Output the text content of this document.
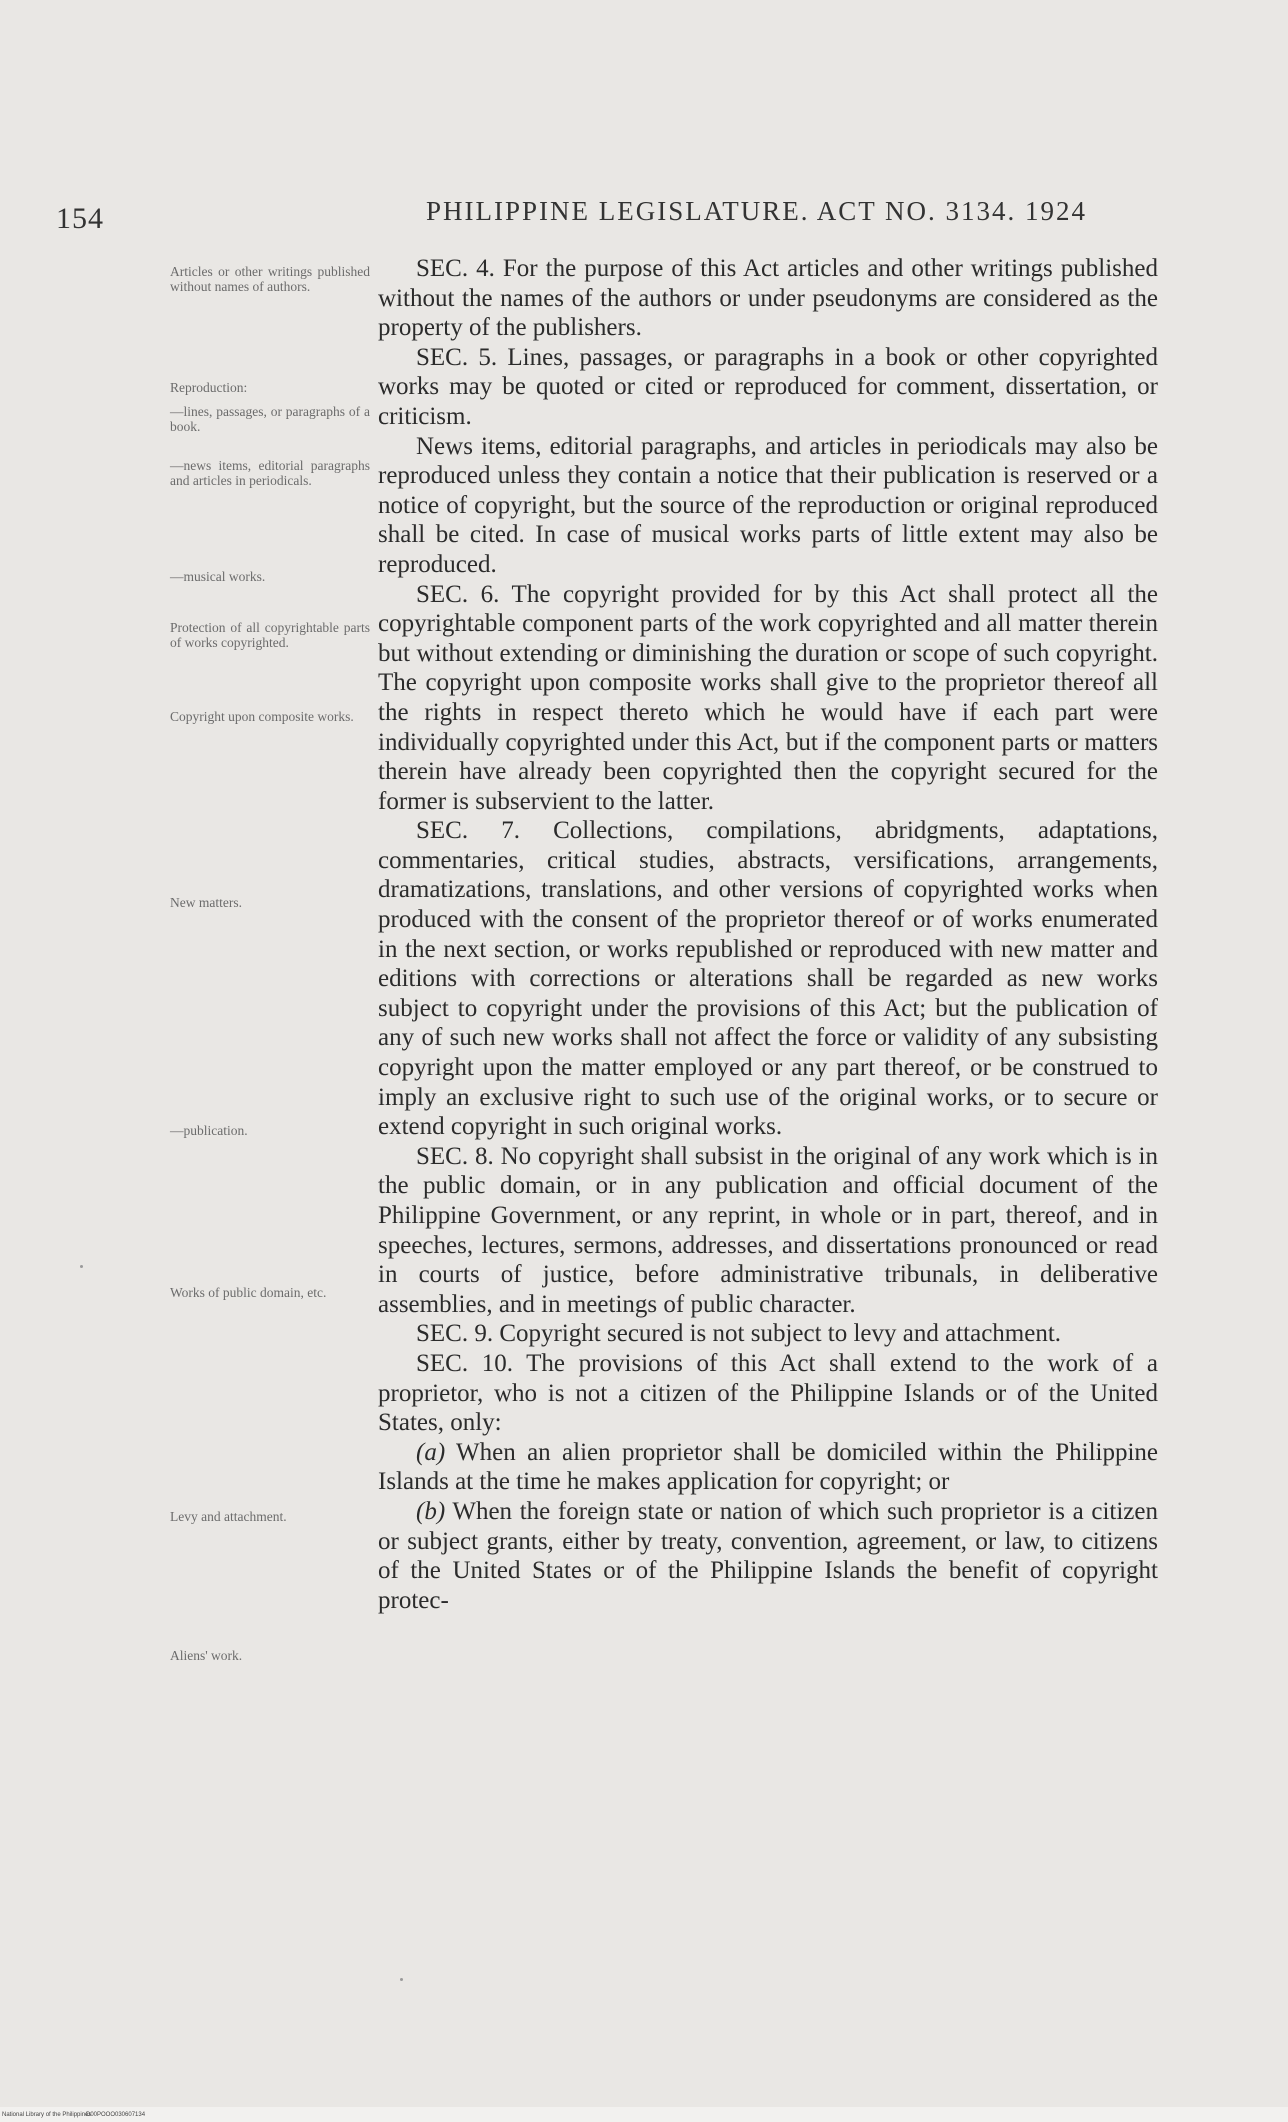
154	PHILIPPINE LEGISLATURE. ACT NO. 3134. 1924
Articles or other writings published without names of authors.
Reproduction:
—lines, passages, or paragraphs of a book.
—news items, editorial paragraphs and articles in periodicals.
—musical works.
Protection of all copyrightable parts of works copyrighted.
Copyright upon composite works.
New matters.
—publication.
Works of public domain, etc.
Levy and attachment.
Aliens' work.

SEC. 4. For the purpose of this Act articles and other writings published without the names of the authors or under pseudonyms are considered as the property of the publishers.

SEC. 5. Lines, passages, or paragraphs in a book or other copyrighted works may be quoted or cited or reproduced for comment, dissertation, or criticism.

News items, editorial paragraphs, and articles in periodicals may also be reproduced unless they contain a notice that their publication is reserved or a notice of copyright, but the source of the reproduction or original reproduced shall be cited. In case of musical works parts of little extent may also be reproduced.

SEC. 6. The copyright provided for by this Act shall protect all the copyrightable component parts of the work copyrighted and all matter therein but without extending or diminishing the duration or scope of such copyright. The copyright upon composite works shall give to the proprietor thereof all the rights in respect thereto which he would have if each part were individually copyrighted under this Act, but if the component parts or matters therein have already been copyrighted then the copyright secured for the former is subservient to the latter.

SEC. 7. Collections, compilations, abridgments, adaptations, commentaries, critical studies, abstracts, versifications, arrangements, dramatizations, translations, and other versions of copyrighted works when produced with the consent of the proprietor thereof or of works enumerated in the next section, or works republished or reproduced with new matter and editions with corrections or alterations shall be regarded as new works subject to copyright under the provisions of this Act; but the publication of any of such new works shall not affect the force or validity of any subsisting copyright upon the matter employed or any part thereof, or be construed to imply an exclusive right to such use of the original works, or to secure or extend copyright in such original works.

SEC. 8. No copyright shall subsist in the original of any work which is in the public domain, or in any publication and official document of the Philippine Government, or any reprint, in whole or in part, thereof, and in speeches, lectures, sermons, addresses, and dissertations pronounced or read in courts of justice, before administrative tribunals, in deliberative assemblies, and in meetings of public character.

SEC. 9. Copyright secured is not subject to levy and attachment.

SEC. 10. The provisions of this Act shall extend to the work of a proprietor, who is not a citizen of the Philippine Islands or of the United States, only:

(a) When an alien proprietor shall be domiciled within the Philippine Islands at the time he makes application for copyright; or

(b) When the foreign state or nation of which such proprietor is a citizen or subject grants, either by treaty, convention, agreement, or law, to citizens of the United States or of the Philippine Islands the benefit of copyright protec-

National Library of the Philippines
D00POOO030607134
